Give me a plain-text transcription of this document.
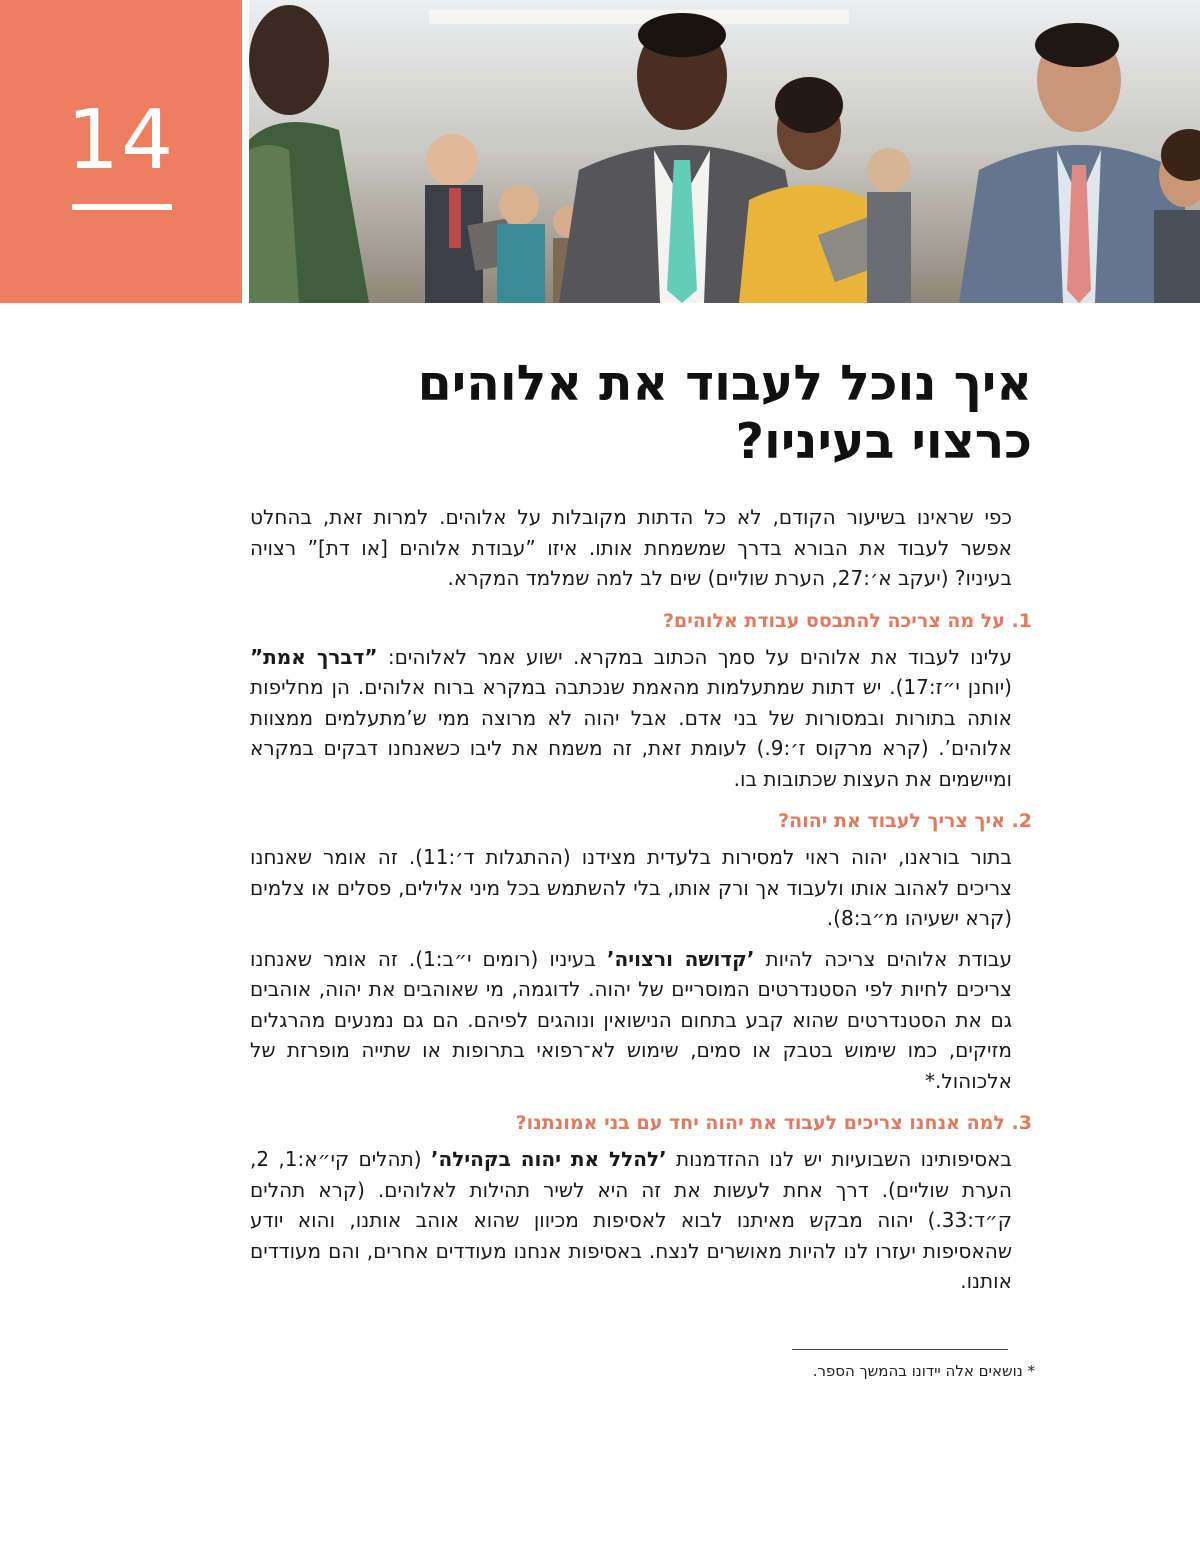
14
איך נוכל לעבוד את אלוהים
כרצוי בעיניו?

כפי שראינו בשיעור הקודם, לא כל הדתות מקובלות על אלוהים. למרות זאת, בהחלט אפשר לעבוד את הבורא בדרך שמשמחת אותו. איזו ”עבודת אלוהים [או דת]” רצויה בעיניו? (יעקב א׳:27, הערת שוליים) שים לב למה שמלמד המקרא.

1. על מה צריכה להתבסס עבודת אלוהים?

עלינו לעבוד את אלוהים על סמך הכתוב במקרא. ישוע אמר לאלוהים: ”דברך אמת” (יוחנן י״ז:17). יש דתות שמתעלמות מהאמת שנכתבה במקרא ברוח אלוהים. הן מחליפות אותה בתורות ובמסורות של בני אדם. אבל יהוה לא מרוצה ממי ש’מתעלמים ממצוות אלוהים’. (קרא מרקוס ז׳:9.) לעומת זאת, זה משמח את ליבו כשאנחנו דבקים במקרא ומיישמים את העצות שכתובות בו.

2. איך צריך לעבוד את יהוה?

בתור בוראנו, יהוה ראוי למסירות בלעדית מצידנו (ההתגלות ד׳:11). זה אומר שאנחנו צריכים לאהוב אותו ולעבוד אך ורק אותו, בלי להשתמש בכל מיני אלילים, פסלים או צלמים (קרא ישעיהו מ״ב:8).

עבודת אלוהים צריכה להיות ’קדושה ורצויה’ בעיניו (רומים י״ב:1). זה אומר שאנחנו צריכים לחיות לפי הסטנדרטים המוסריים של יהוה. לדוגמה, מי שאוהבים את יהוה, אוהבים גם את הסטנדרטים שהוא קבע בתחום הנישואין ונוהגים לפיהם. הם גם נמנעים מהרגלים מזיקים, כמו שימוש בטבק או סמים, שימוש לא־רפואי בתרופות או שתייה מופרזת של אלכוהול.*

3. למה אנחנו צריכים לעבוד את יהוה יחד עם בני אמונתנו?

באסיפותינו השבועיות יש לנו ההזדמנות ’להלל את יהוה בקהילה’ (תהלים קי״א:1, 2, הערת שוליים). דרך אחת לעשות את זה היא לשיר תהילות לאלוהים. (קרא תהלים ק״ד:33.) יהוה מבקש מאיתנו לבוא לאסיפות מכיוון שהוא אוהב אותנו, והוא יודע שהאסיפות יעזרו לנו להיות מאושרים לנצח. באסיפות אנחנו מעודדים אחרים, והם מעודדים אותנו.

* נושאים אלה יידונו בהמשך הספר.
